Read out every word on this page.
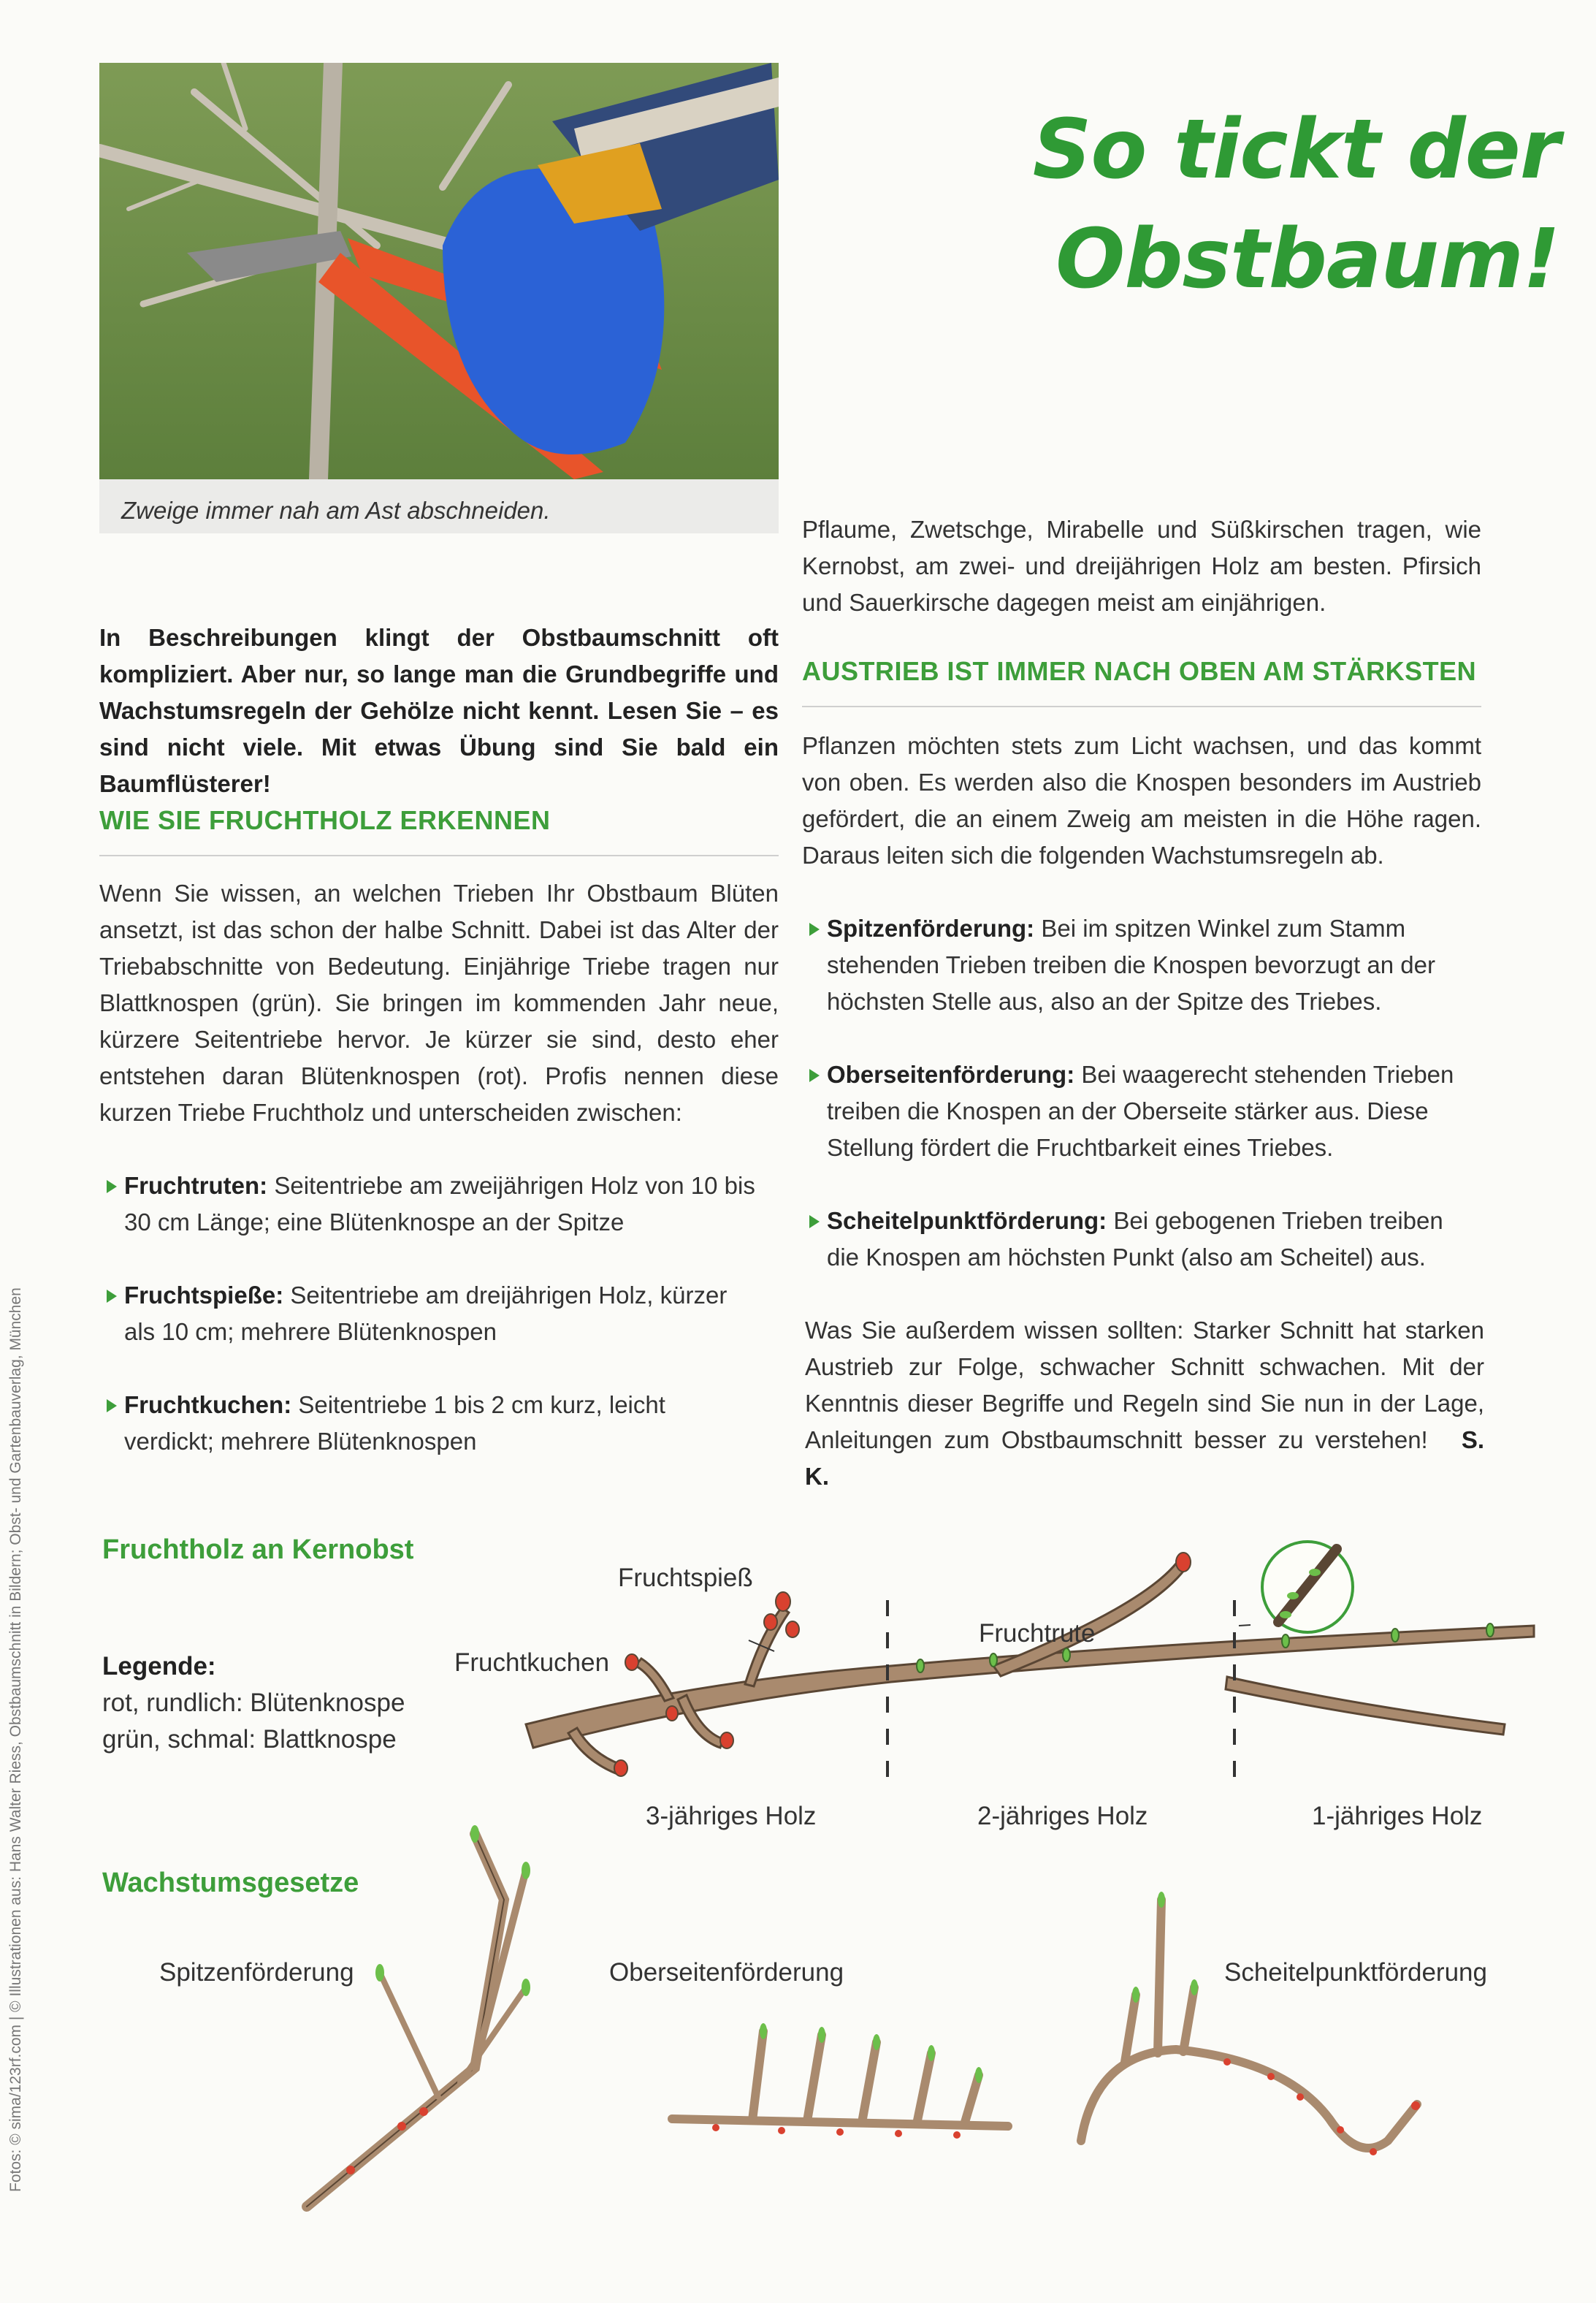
Zweige immer nah am Ast abschneiden.
So tickt der
Obstbaum!
In Beschreibungen klingt der Obstbaumschnitt oft kompliziert. Aber nur, so lange man die Grundbegriffe und Wachstumsregeln der Gehölze nicht kennt. Lesen Sie – es sind nicht viele. Mit etwas Übung sind Sie bald ein Baumflüsterer!
WIE SIE FRUCHTHOLZ ERKENNEN
Wenn Sie wissen, an welchen Trieben Ihr Obstbaum Blüten ansetzt, ist das schon der halbe Schnitt. Dabei ist das Alter der Triebabschnitte von Bedeutung. Einjährige Triebe tragen nur Blattknospen (grün). Sie bringen im kommenden Jahr neue, kürzere Seitentriebe hervor. Je kürzer sie sind, desto eher entstehen daran Blütenknospen (rot). Profis nennen diese kurzen Triebe Fruchtholz und unterscheiden zwischen:
Fruchtruten: Seitentriebe am zweijährigen Holz von 10 bis 30 cm Länge; eine Blütenknospe an der Spitze
Fruchtspieße: Seitentriebe am dreijährigen Holz, kürzer als 10 cm; mehrere Blütenknospen
Fruchtkuchen: Seitentriebe 1 bis 2 cm kurz, leicht verdickt; mehrere Blütenknospen
Pflaume, Zwetschge, Mirabelle und Süßkirschen tragen, wie Kernobst, am zwei- und dreijährigen Holz am besten. Pfirsich und Sauerkirsche dagegen meist am einjährigen.
AUSTRIEB IST IMMER NACH OBEN AM STÄRKSTEN
Pflanzen möchten stets zum Licht wachsen, und das kommt von oben. Es werden also die Knospen besonders im Austrieb gefördert, die an einem Zweig am meisten in die Höhe ragen. Daraus leiten sich die folgenden Wachstumsregeln ab.
Spitzenförderung: Bei im spitzen Winkel zum Stamm stehenden Trieben treiben die Knospen bevorzugt an der höchsten Stelle aus, also an der Spitze des Triebes.
Oberseitenförderung: Bei waagerecht stehenden Trieben treiben die Knospen an der Oberseite stärker aus. Diese Stellung fördert die Fruchtbarkeit eines Triebes.
Scheitelpunktförderung: Bei gebogenen Trieben treiben die Knospen am höchsten Punkt (also am Scheitel) aus.
Was Sie außerdem wissen sollten: Starker Schnitt hat starken Austrieb zur Folge, schwacher Schnitt schwachen. Mit der Kenntnis dieser Begriffe und Regeln sind Sie nun in der Lage, Anleitungen zum Obstbaumschnitt besser zu verstehen! S. K.
Fruchtholz an Kernobst
Legende:
rot, rundlich: Blütenknospe
grün, schmal: Blattknospe
Fruchtspieß
Fruchtkuchen
Fruchtrute
3-jähriges Holz	2-jähriges Holz	1-jähriges Holz
Wachstumsgesetze
Spitzenförderung	Oberseitenförderung	Scheitelpunktförderung
Fotos: © sima/123rf.com | © Illustrationen aus: Hans Walter Riess, Obstbaumschnitt in Bildern; Obst- und Gartenbauverlag, München
